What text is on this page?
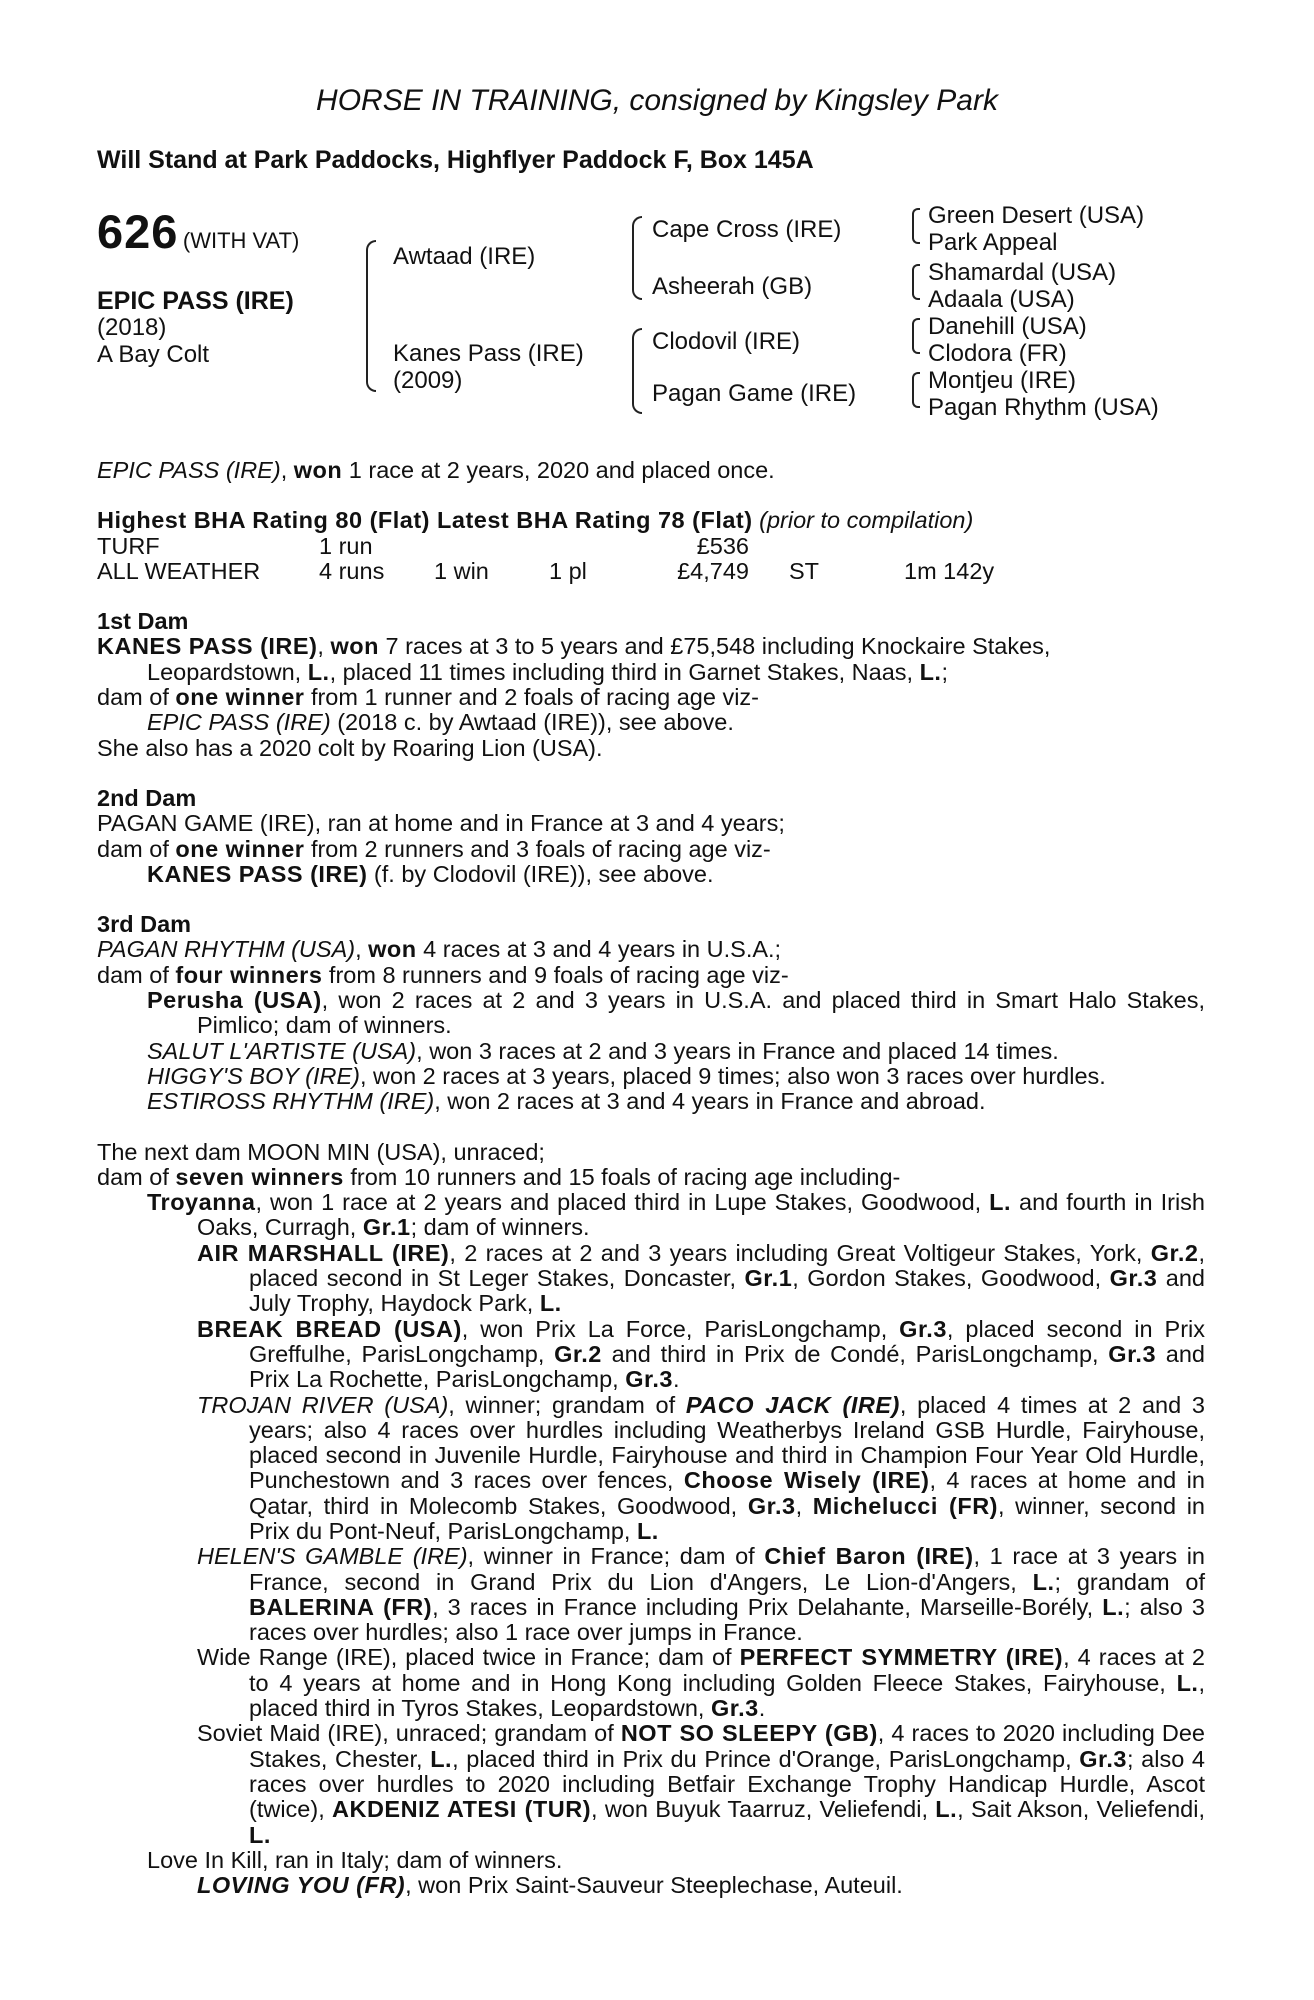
HORSE IN TRAINING, consigned by Kingsley Park
Will Stand at Park Paddocks, Highflyer Paddock F, Box 145A
626 (WITH VAT)
EPIC PASS (IRE)
(2018)
A Bay Colt
Awtaad (IRE)
Kanes Pass (IRE)
(2009)
Cape Cross (IRE)
Asheerah (GB)
Clodovil (IRE)
Pagan Game (IRE)
Green Desert (USA)
Park Appeal
Shamardal (USA)
Adaala (USA)
Danehill (USA)
Clodora (FR)
Montjeu (IRE)
Pagan Rhythm (USA)

EPIC PASS (IRE), won 1 race at 2 years, 2020 and placed once.

Highest BHA Rating 80 (Flat) Latest BHA Rating 78 (Flat) (prior to compilation)

TURF	1 run			£536		
ALL WEATHER	4 runs	1 win	1 pl	£4,749	ST	1m 142y

1st Dam

KANES PASS (IRE), won 7 races at 3 to 5 years and £75,548 including Knockaire Stakes,

Leopardstown, L., placed 11 times including third in Garnet Stakes, Naas, L.;

dam of one winner from 1 runner and 2 foals of racing age viz-

EPIC PASS (IRE) (2018 c. by Awtaad (IRE)), see above.

She also has a 2020 colt by Roaring Lion (USA).

2nd Dam

PAGAN GAME (IRE), ran at home and in France at 3 and 4 years;

dam of one winner from 2 runners and 3 foals of racing age viz-

KANES PASS (IRE) (f. by Clodovil (IRE)), see above.

3rd Dam

PAGAN RHYTHM (USA), won 4 races at 3 and 4 years in U.S.A.;

dam of four winners from 8 runners and 9 foals of racing age viz-

Perusha (USA), won 2 races at 2 and 3 years in U.S.A. and placed third in Smart Halo Stakes, Pimlico; dam of winners.

SALUT L'ARTISTE (USA), won 3 races at 2 and 3 years in France and placed 14 times.

HIGGY'S BOY (IRE), won 2 races at 3 years, placed 9 times; also won 3 races over hurdles.

ESTIROSS RHYTHM (IRE), won 2 races at 3 and 4 years in France and abroad.

The next dam MOON MIN (USA), unraced;

dam of seven winners from 10 runners and 15 foals of racing age including-

Troyanna, won 1 race at 2 years and placed third in Lupe Stakes, Goodwood, L. and fourth in Irish Oaks, Curragh, Gr.1; dam of winners.

AIR MARSHALL (IRE), 2 races at 2 and 3 years including Great Voltigeur Stakes, York, Gr.2, placed second in St Leger Stakes, Doncaster, Gr.1, Gordon Stakes, Goodwood, Gr.3 and July Trophy, Haydock Park, L.

BREAK BREAD (USA), won Prix La Force, ParisLongchamp, Gr.3, placed second in Prix Greffulhe, ParisLongchamp, Gr.2 and third in Prix de Condé, ParisLongchamp, Gr.3 and Prix La Rochette, ParisLongchamp, Gr.3.

TROJAN RIVER (USA), winner; grandam of PACO JACK (IRE), placed 4 times at 2 and 3 years; also 4 races over hurdles including Weatherbys Ireland GSB Hurdle, Fairyhouse, placed second in Juvenile Hurdle, Fairyhouse and third in Champion Four Year Old Hurdle, Punchestown and 3 races over fences, Choose Wisely (IRE), 4 races at home and in Qatar, third in Molecomb Stakes, Goodwood, Gr.3, Michelucci (FR), winner, second in Prix du Pont-Neuf, ParisLongchamp, L.

HELEN'S GAMBLE (IRE), winner in France; dam of Chief Baron (IRE), 1 race at 3 years in France, second in Grand Prix du Lion d'Angers, Le Lion-d'Angers, L.; grandam of BALERINA (FR), 3 races in France including Prix Delahante, Marseille-Borély, L.; also 3 races over hurdles; also 1 race over jumps in France.

Wide Range (IRE), placed twice in France; dam of PERFECT SYMMETRY (IRE), 4 races at 2 to 4 years at home and in Hong Kong including Golden Fleece Stakes, Fairyhouse, L., placed third in Tyros Stakes, Leopardstown, Gr.3.

Soviet Maid (IRE), unraced; grandam of NOT SO SLEEPY (GB), 4 races to 2020 including Dee Stakes, Chester, L., placed third in Prix du Prince d'Orange, ParisLongchamp, Gr.3; also 4 races over hurdles to 2020 including Betfair Exchange Trophy Handicap Hurdle, Ascot (twice), AKDENIZ ATESI (TUR), won Buyuk Taarruz, Veliefendi, L., Sait Akson, Veliefendi, L.

Love In Kill, ran in Italy; dam of winners.

LOVING YOU (FR), won Prix Saint-Sauveur Steeplechase, Auteuil.
